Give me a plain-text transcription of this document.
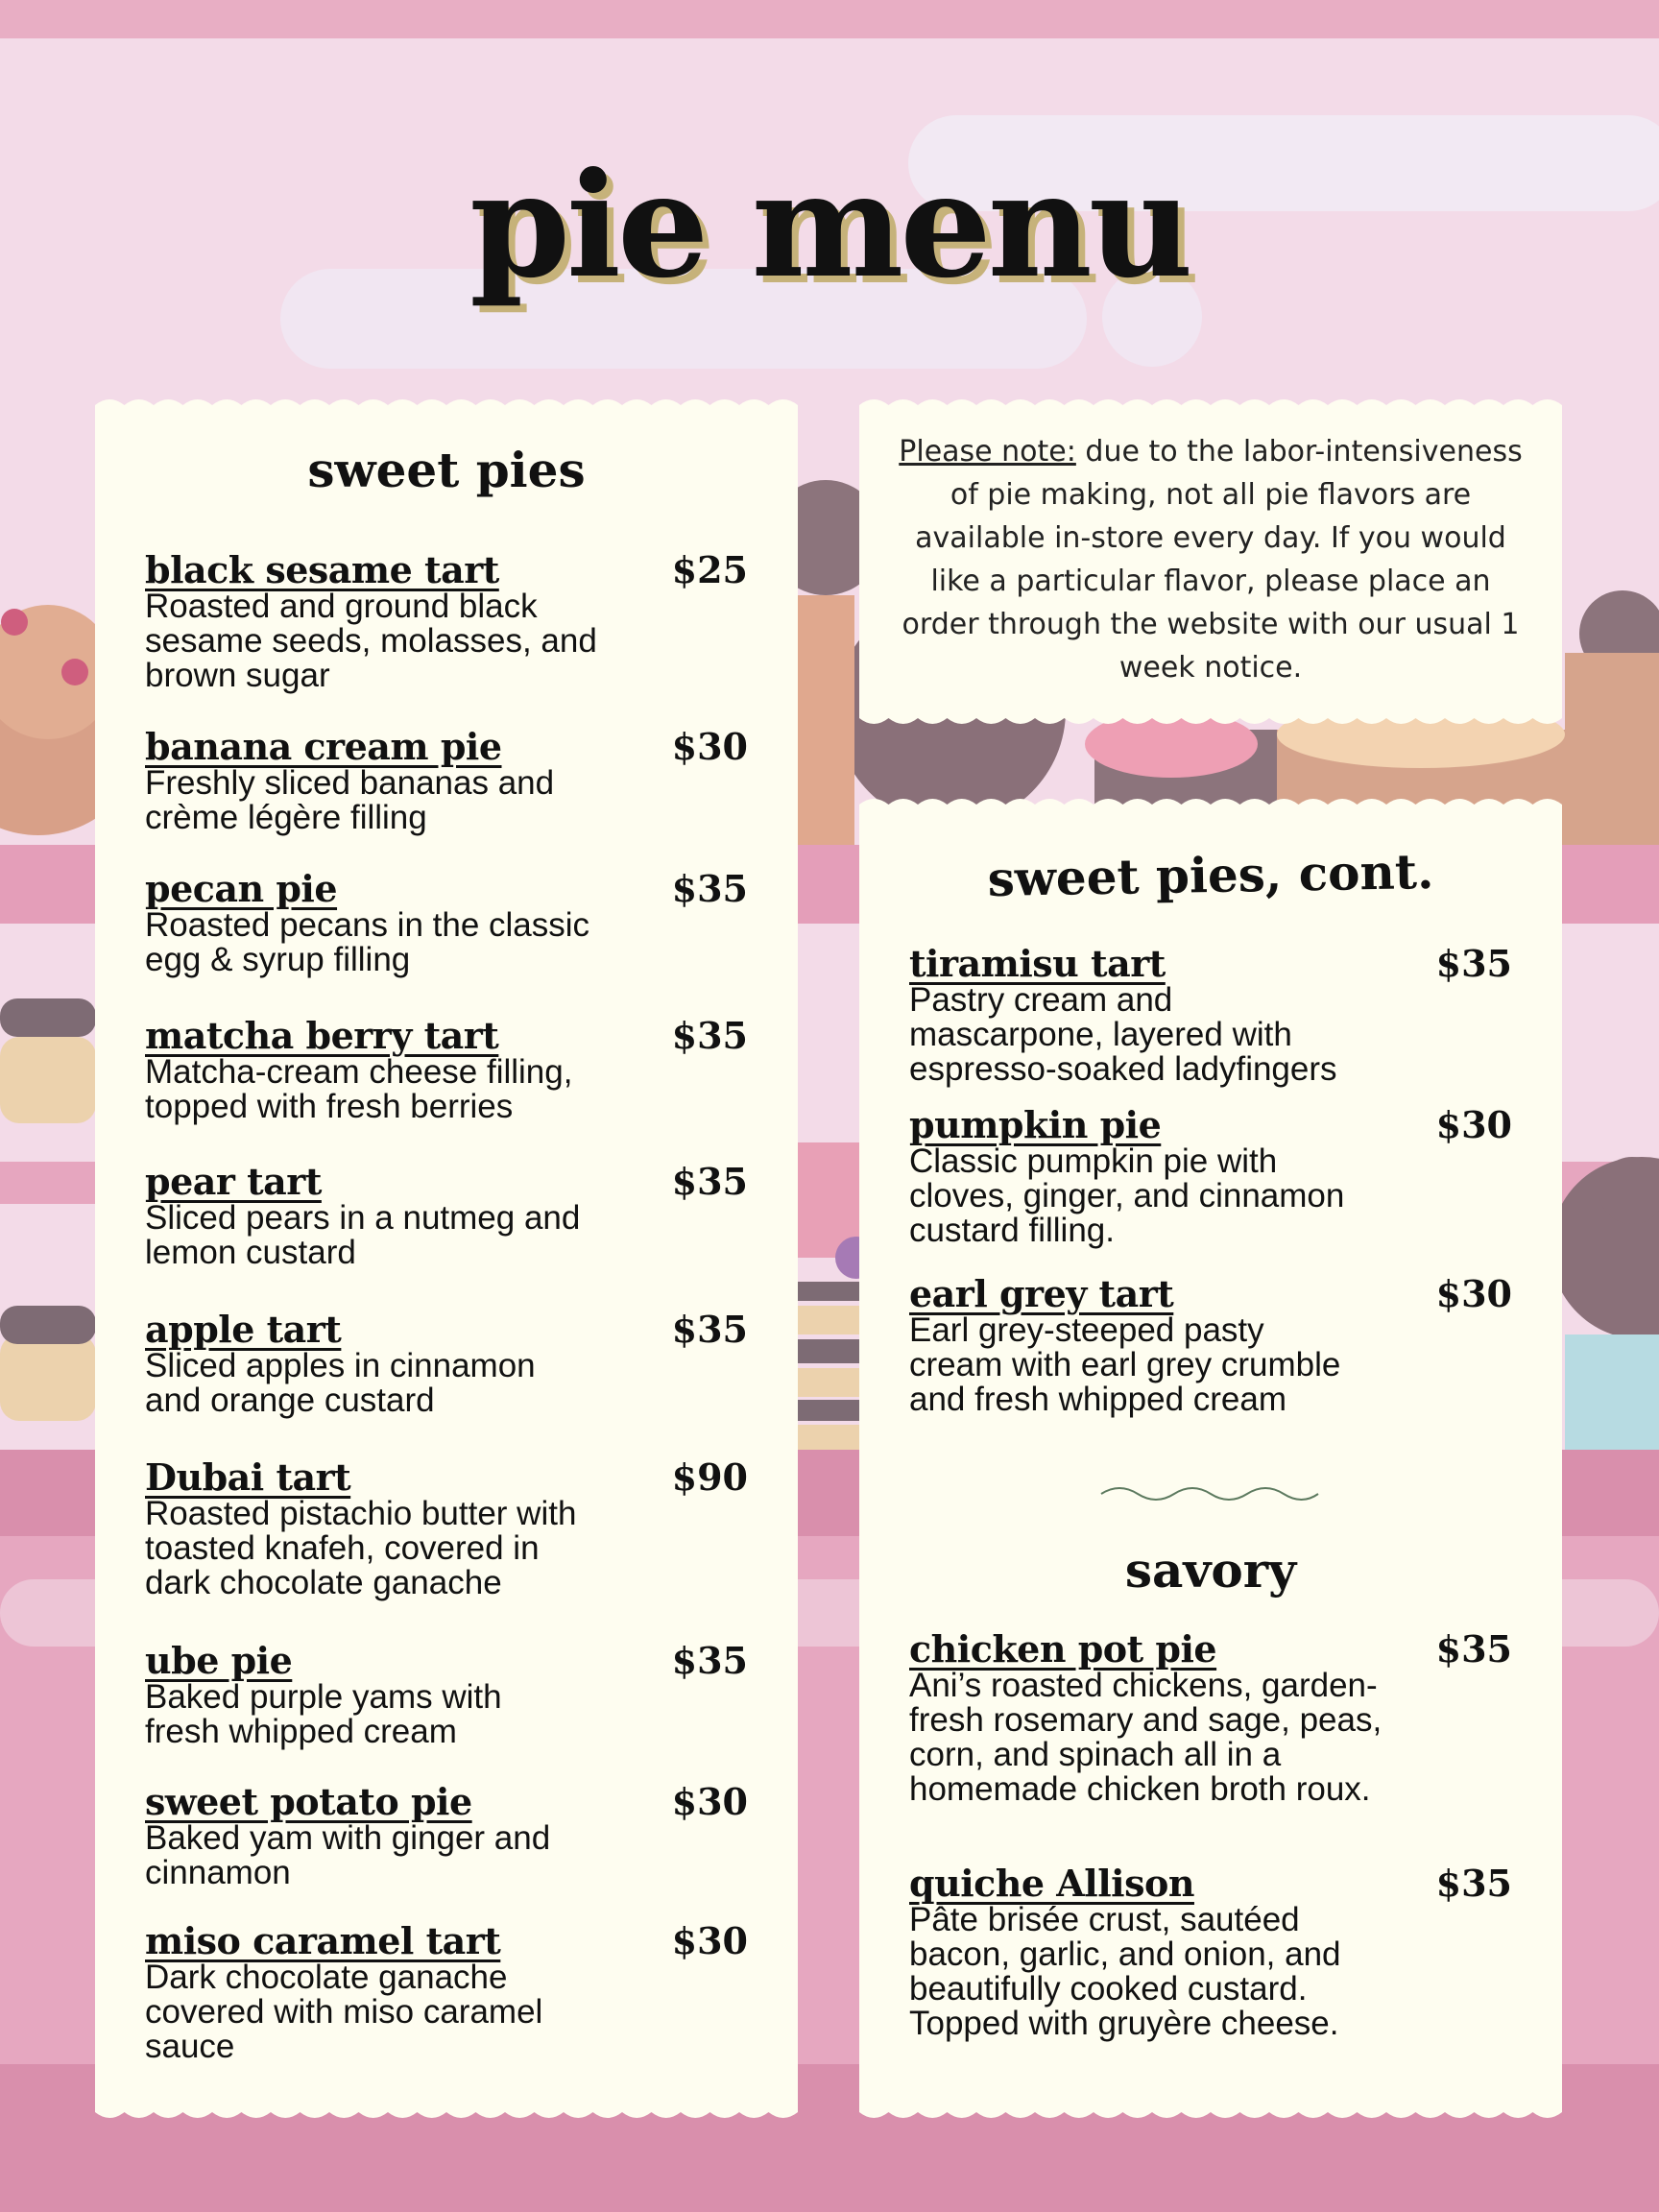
pie menu
sweet pies
black sesame tart	$25
Roasted and ground black
sesame seeds, molasses, and
brown sugar
banana cream pie	$30
Freshly sliced bananas and
crème légère filling
pecan pie	$35
Roasted pecans in the classic
egg & syrup filling
matcha berry tart	$35
Matcha-cream cheese filling,
topped with fresh berries
pear tart	$35
Sliced pears in a nutmeg and
lemon custard
apple tart	$35
Sliced apples in cinnamon
and orange custard
Dubai tart	$90
Roasted pistachio butter with
toasted knafeh, covered in
dark chocolate ganache
ube pie	$35
Baked purple yams with
fresh whipped cream
sweet potato pie	$30
Baked yam with ginger and
cinnamon
miso caramel tart	$30
Dark chocolate ganache
covered with miso caramel
sauce
Please note: due to the labor-intensiveness of pie making, not all pie flavors are available in-store every day. If you would like a particular flavor, please place an order through the website with our usual 1 week notice.
sweet pies, cont.
tiramisu tart	$35
Pastry cream and
mascarpone, layered with
espresso-soaked ladyfingers
pumpkin pie	$30
Classic pumpkin pie with
cloves, ginger, and cinnamon
custard filling.
earl grey tart	$30
Earl grey-steeped pasty
cream with earl grey crumble
and fresh whipped cream
savory
chicken pot pie	$35
Ani’s roasted chickens, garden-
fresh rosemary and sage, peas,
corn, and spinach all in a
homemade chicken broth roux.
quiche Allison	$35
Pâte brisée crust, sautéed
bacon, garlic, and onion, and
beautifully cooked custard.
Topped with gruyère cheese.
